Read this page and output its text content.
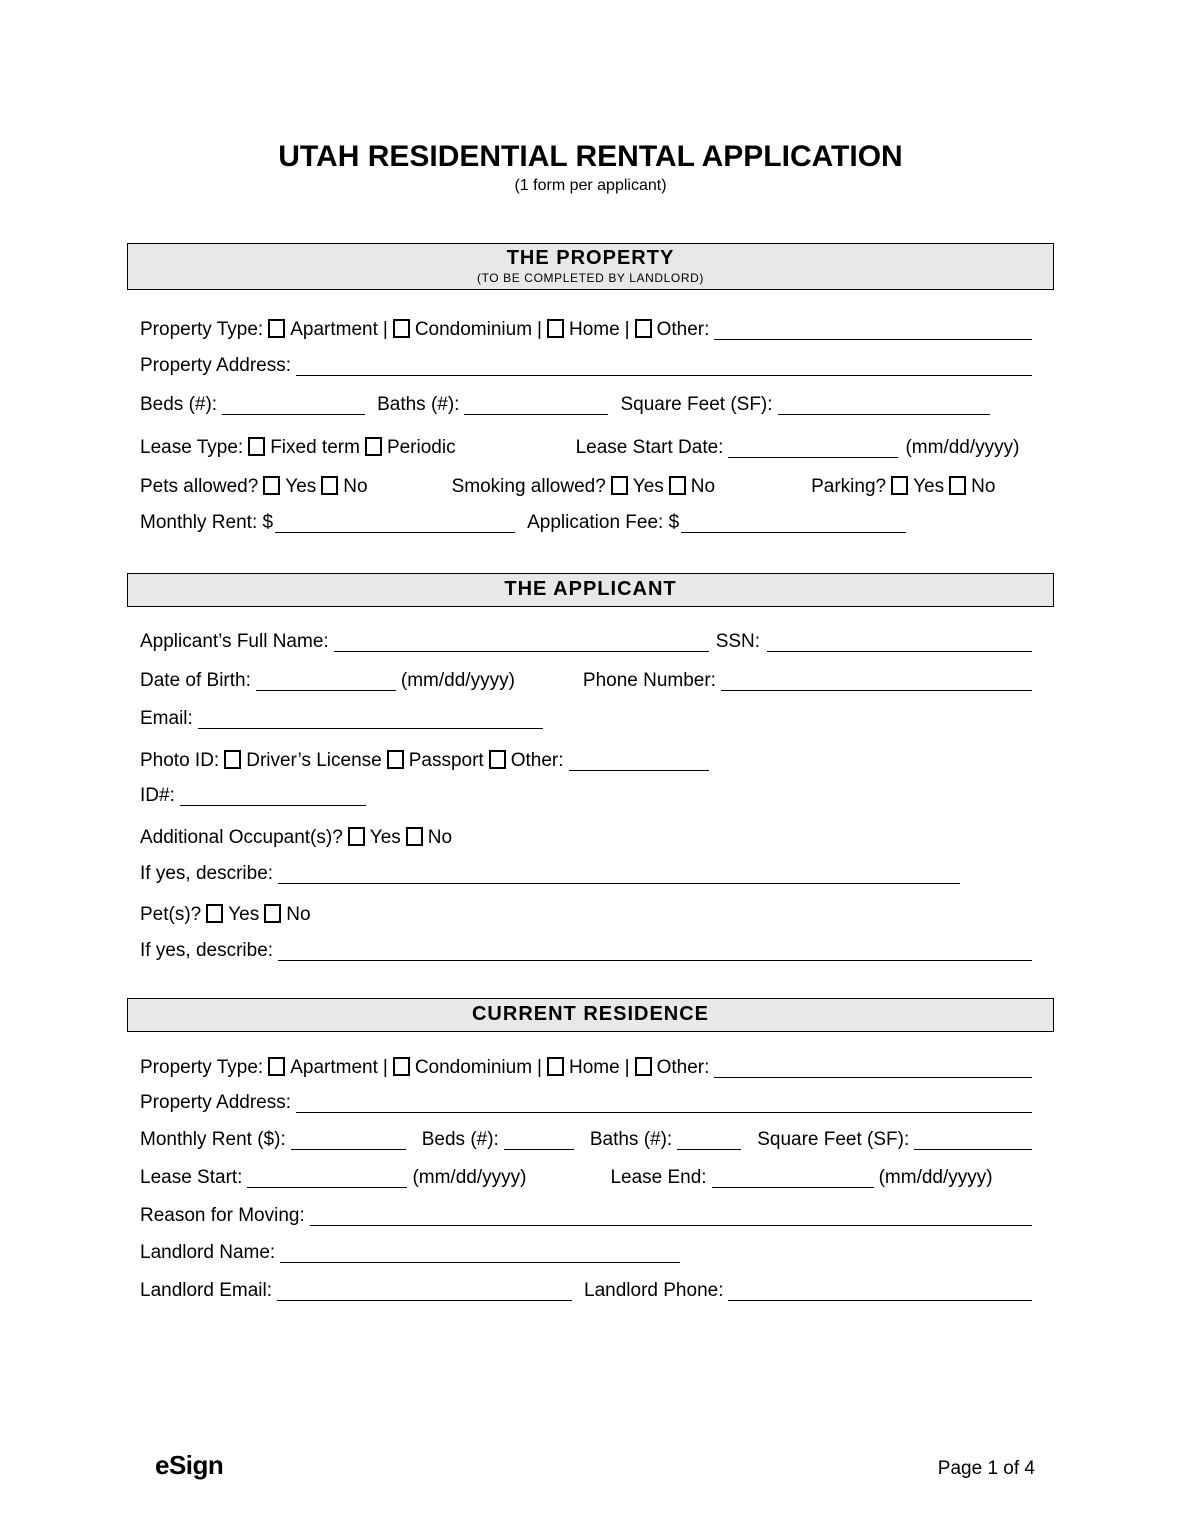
UTAH RESIDENTIAL RENTAL APPLICATION
(1 form per applicant)
THE PROPERTY
(TO BE COMPLETED BY LANDLORD)
Property Type: Apartment | Condominium | Home | Other:
Property Address:
Beds (#):	Baths (#):	Square Feet (SF):
Lease Type: Fixed term Periodic	Lease Start Date:	(mm/dd/yyyy)
Pets allowed? Yes No	Smoking allowed? Yes No	Parking? Yes No
Monthly Rent: $	Application Fee: $
THE APPLICANT
Applicant’s Full Name:	SSN:
Date of Birth:	(mm/dd/yyyy)	Phone Number:
Email:
Photo ID: Driver’s License Passport Other:
ID#:
Additional Occupant(s)? Yes No
If yes, describe:
Pet(s)? Yes No
If yes, describe:
CURRENT RESIDENCE
Property Type: Apartment | Condominium | Home | Other:
Property Address:
Monthly Rent ($):	Beds (#):	Baths (#):	Square Feet (SF):
Lease Start:	(mm/dd/yyyy)	Lease End:	(mm/dd/yyyy)
Reason for Moving:
Landlord Name:
Landlord Email:	Landlord Phone:
eSign	Page 1 of 4
